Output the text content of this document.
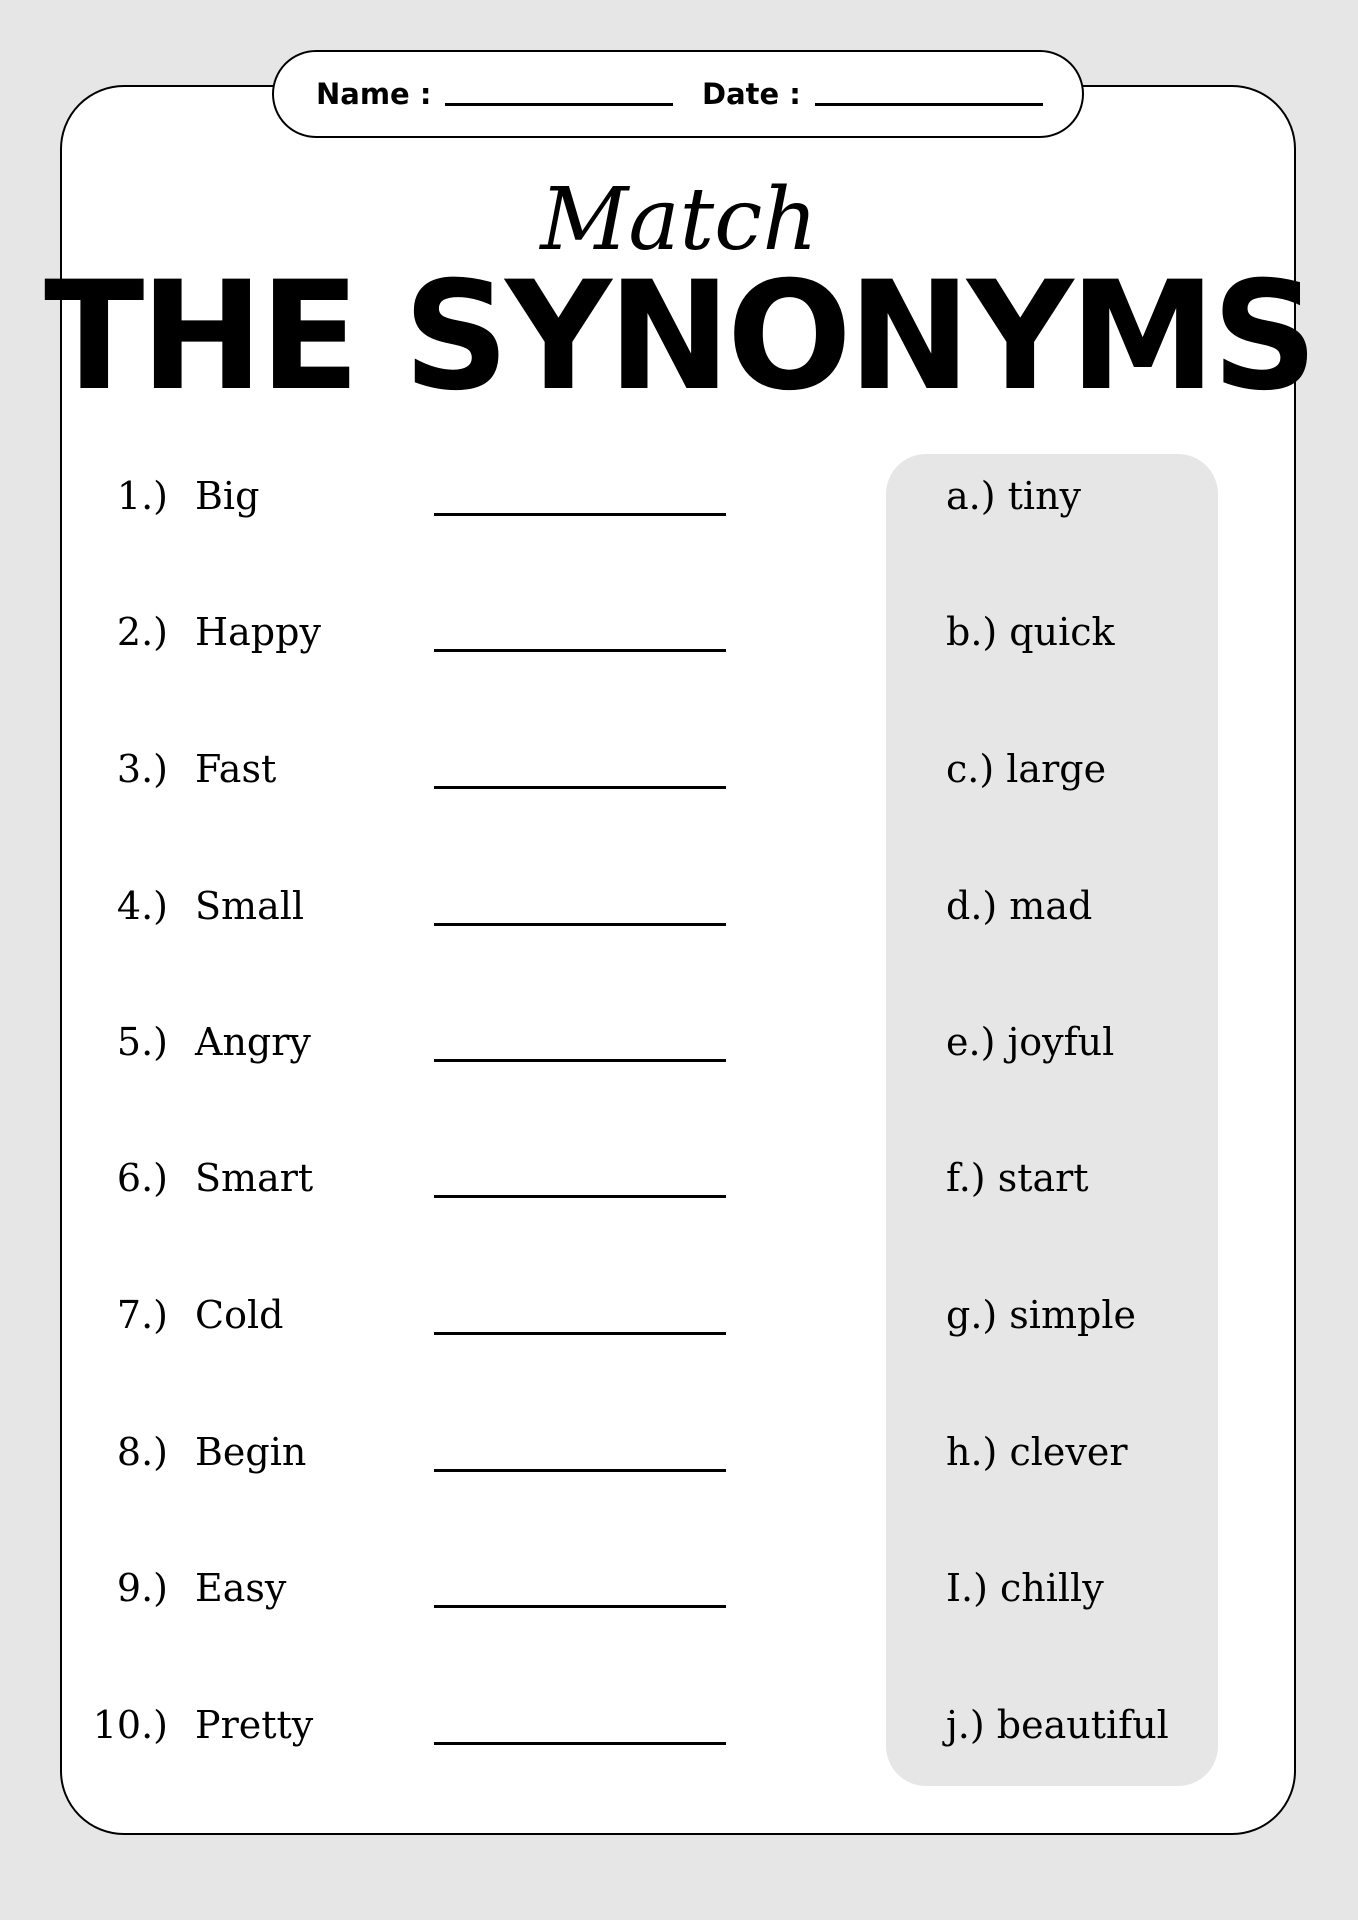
Name :	Date :
Match
THE SYNONYMS
1.) Big
2.) Happy
3.) Fast
4.) Small
5.) Angry
6.) Smart
7.) Cold
8.) Begin
9.) Easy
10.) Pretty
a.) tiny
b.) quick
c.) large
d.) mad
e.) joyful
f.) start
g.) simple
h.) clever
I.) chilly
j.) beautiful
